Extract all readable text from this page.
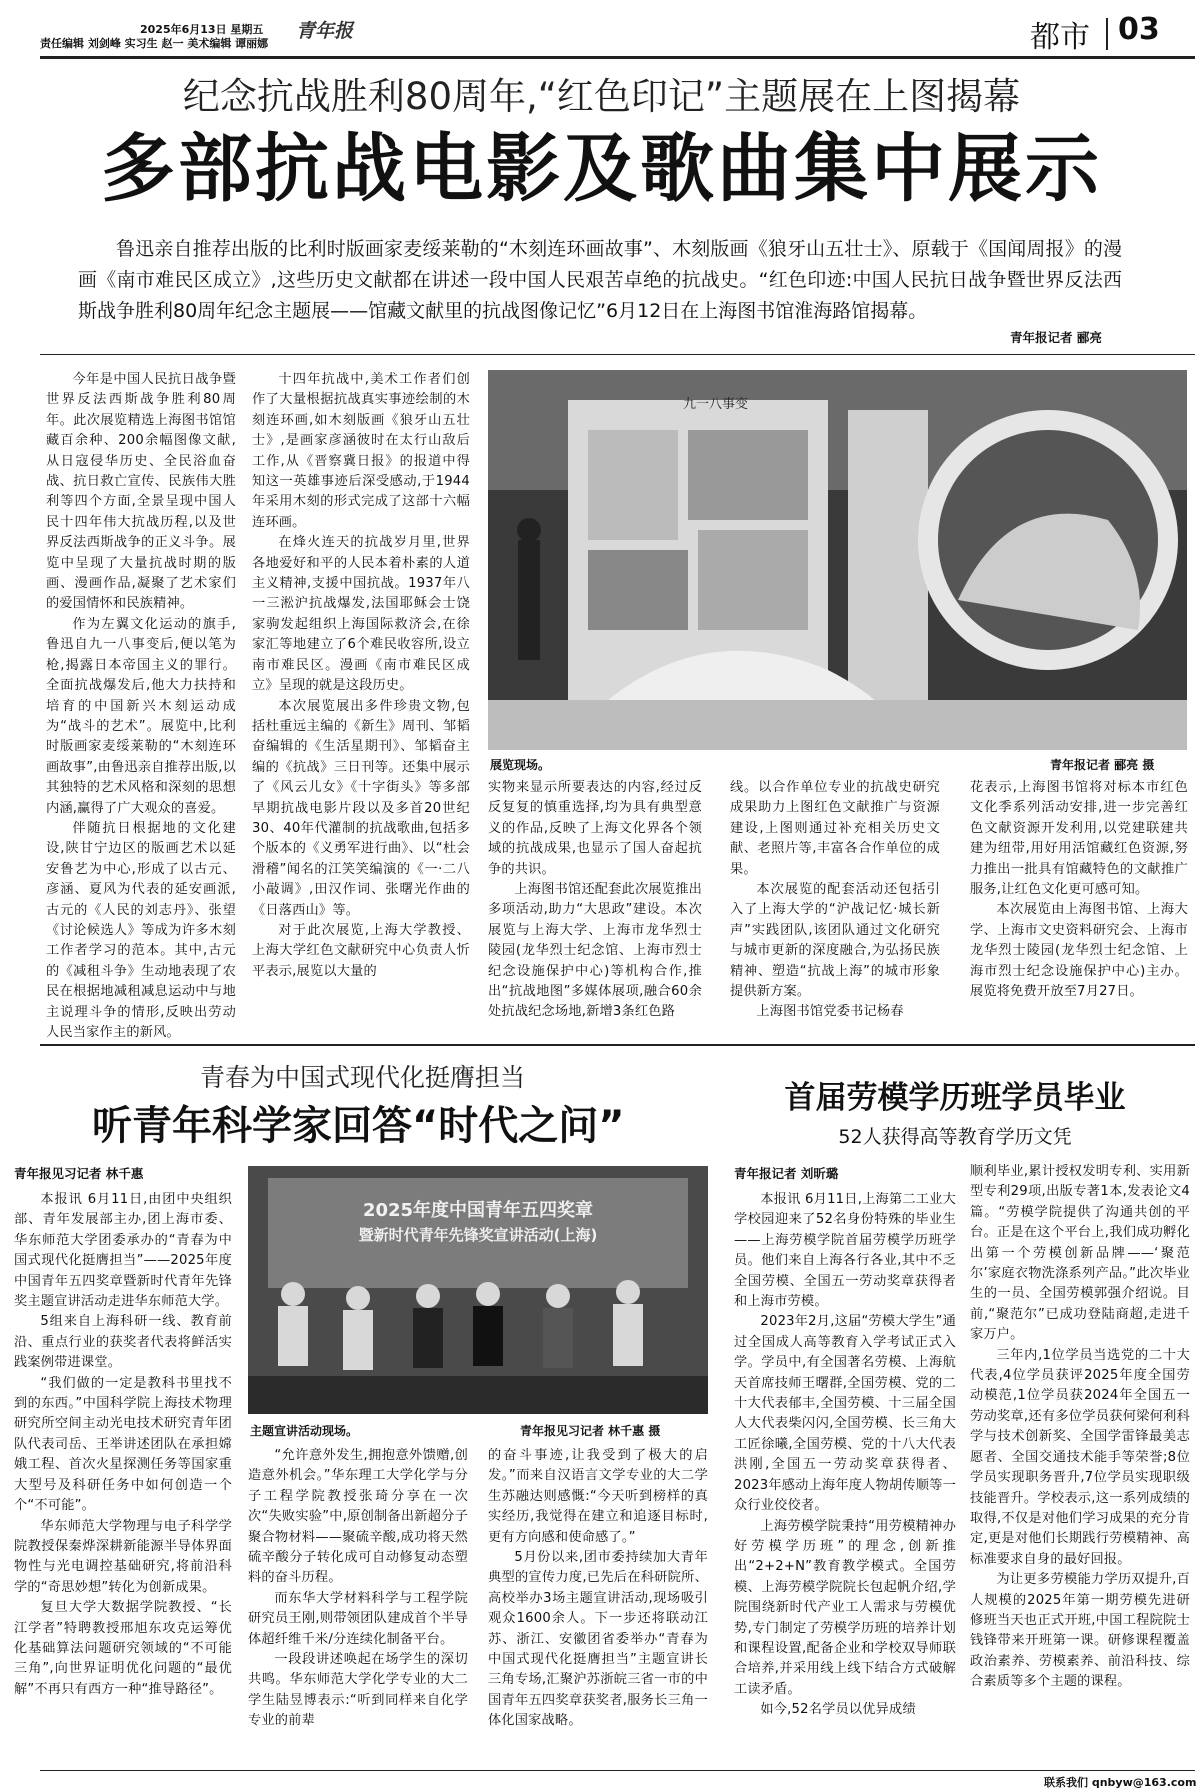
2025年6月13日 星期五
责任编辑 刘剑峰 实习生 赵一 美术编辑 谭丽娜
青年报	都市 03
纪念抗战胜利80周年,“红色印记”主题展在上图揭幕
多部抗战电影及歌曲集中展示
鲁迅亲自推荐出版的比利时版画家麦绥莱勒的“木刻连环画故事”、木刻版画《狼牙山五壮士》、原载于《国闻周报》的漫画《南市难民区成立》,这些历史文献都在讲述一段中国人民艰苦卓绝的抗战史。“红色印迹:中国人民抗日战争暨世界反法西斯战争胜利80周年纪念主题展——馆藏文献里的抗战图像记忆”6月12日在上海图书馆淮海路馆揭幕。
青年报记者 郦亮

今年是中国人民抗日战争暨世界反法西斯战争胜利80周年。此次展览精选上海图书馆馆藏百余种、200余幅图像文献,从日寇侵华历史、全民浴血奋战、抗日救亡宣传、民族伟大胜利等四个方面,全景呈现中国人民十四年伟大抗战历程,以及世界反法西斯战争的正义斗争。展览中呈现了大量抗战时期的版画、漫画作品,凝聚了艺术家们的爱国情怀和民族精神。

作为左翼文化运动的旗手,鲁迅自九一八事变后,便以笔为枪,揭露日本帝国主义的罪行。全面抗战爆发后,他大力扶持和培育的中国新兴木刻运动成为“战斗的艺术”。展览中,比利时版画家麦绥莱勒的“木刻连环画故事”,由鲁迅亲自推荐出版,以其独特的艺术风格和深刻的思想内涵,赢得了广大观众的喜爱。

伴随抗日根据地的文化建设,陕甘宁边区的版画艺术以延安鲁艺为中心,形成了以古元、彦涵、夏风为代表的延安画派,古元的《人民的刘志丹》、张望《讨论候选人》等成为许多木刻工作者学习的范本。其中,古元的《减租斗争》生动地表现了农民在根据地减租减息运动中与地主说理斗争的情形,反映出劳动人民当家作主的新风。

十四年抗战中,美术工作者们创作了大量根据抗战真实事迹绘制的木刻连环画,如木刻版画《狼牙山五壮士》,是画家彦涵彼时在太行山敌后工作,从《晋察冀日报》的报道中得知这一英雄事迹后深受感动,于1944年采用木刻的形式完成了这部十六幅连环画。

在烽火连天的抗战岁月里,世界各地爱好和平的人民本着朴素的人道主义精神,支援中国抗战。1937年八一三淞沪抗战爆发,法国耶稣会士饶家驹发起组织上海国际救济会,在徐家汇等地建立了6个难民收容所,设立南市难民区。漫画《南市难民区成立》呈现的就是这段历史。

本次展览展出多件珍贵文物,包括杜重远主编的《新生》周刊、邹韬奋编辑的《生活星期刊》、邹韬奋主编的《抗战》三日刊等。还集中展示了《风云儿女》《十字街头》等多部早期抗战电影片段以及多首20世纪30、40年代灌制的抗战歌曲,包括多个版本的《义勇军进行曲》、以“杜会滑稽”闻名的江笑笑编演的《一·二八小敲调》,田汉作词、张曙光作曲的《日落西山》等。

对于此次展览,上海大学教授、上海大学红色文献研究中心负责人忻平表示,展览以大量的

九一八事变
展览现场。	青年报记者 郦亮 摄

实物来显示所要表达的内容,经过反反复复的慎重选择,均为具有典型意义的作品,反映了上海文化界各个领域的抗战成果,也显示了国人奋起抗争的共识。

上海图书馆还配套此次展览推出多项活动,助力“大思政”建设。本次展览与上海大学、上海市龙华烈士陵园(龙华烈士纪念馆、上海市烈士纪念设施保护中心)等机构合作,推出“抗战地图”多媒体展项,融合60余处抗战纪念场地,新增3条红色路

线。以合作单位专业的抗战史研究成果助力上图红色文献推广与资源建设,上图则通过补充相关历史文献、老照片等,丰富各合作单位的成果。

本次展览的配套活动还包括引入了上海大学的“沪战记忆·城长新声”实践团队,该团队通过文化研究与城市更新的深度融合,为弘扬民族精神、塑造“抗战上海”的城市形象提供新方案。

上海图书馆党委书记杨春

花表示,上海图书馆将对标本市红色文化季系列活动安排,进一步完善红色文献资源开发利用,以党建联建共建为纽带,用好用活馆藏红色资源,努力推出一批具有馆藏特色的文献推广服务,让红色文化更可感可知。

本次展览由上海图书馆、上海大学、上海市文史资料研究会、上海市龙华烈士陵园(龙华烈士纪念馆、上海市烈士纪念设施保护中心)主办。展览将免费开放至7月27日。

青春为中国式现代化挺膺担当
听青年科学家回答“时代之问”
青年报见习记者 林千惠

本报讯 6月11日,由团中央组织部、青年发展部主办,团上海市委、华东师范大学团委承办的“青春为中国式现代化挺膺担当”——2025年度中国青年五四奖章暨新时代青年先锋奖主题宣讲活动走进华东师范大学。

5组来自上海科研一线、教育前沿、重点行业的获奖者代表将鲜活实践案例带进课堂。

“我们做的一定是教科书里找不到的东西。”中国科学院上海技术物理研究所空间主动光电技术研究青年团队代表司岳、王举讲述团队在承担嫦娥工程、首次火星探测任务等国家重大型号及科研任务中如何创造一个个“不可能”。

华东师范大学物理与电子科学学院教授保秦烨深耕新能源半导体界面物性与光电调控基础研究,将前沿科学的“奇思妙想”转化为创新成果。

复旦大学大数据学院教授、“长江学者”特聘教授邢旭东攻克运筹优化基础算法问题研究领域的“不可能三角”,向世界证明优化问题的“最优解”不再只有西方一种“推导路径”。

2025年度中国青年五四奖章
暨新时代青年先锋奖宣讲活动(上海)
主题宣讲活动现场。	青年报见习记者 林千惠 摄

“允许意外发生,拥抱意外馈赠,创造意外机会。”华东理工大学化学与分子工程学院教授张琦分享在一次次“失败实验”中,原创制备出新超分子聚合物材料——聚硫辛酸,成功将天然硫辛酸分子转化成可自动修复动态塑料的奋斗历程。

而东华大学材料科学与工程学院研究员王刚,则带领团队建成首个半导体超纤维千米/分连续化制备平台。

一段段讲述唤起在场学生的深切共鸣。华东师范大学化学专业的大二学生陆昱博表示:“听到同样来自化学专业的前辈

的奋斗事迹,让我受到了极大的启发。”而来自汉语言文学专业的大二学生苏融达则感慨:“今天听到榜样的真实经历,我觉得在建立和追逐目标时,更有方向感和使命感了。”

5月份以来,团市委持续加大青年典型的宣传力度,已先后在科研院所、高校举办3场主题宣讲活动,现场吸引观众1600余人。下一步还将联动江苏、浙江、安徽团省委举办“青春为中国式现代化挺膺担当”主题宣讲长三角专场,汇聚沪苏浙皖三省一市的中国青年五四奖章获奖者,服务长三角一体化国家战略。

首届劳模学历班学员毕业
52人获得高等教育学历文凭
青年报记者 刘昕璐

本报讯 6月11日,上海第二工业大学校园迎来了52名身份特殊的毕业生——上海劳模学院首届劳模学历班学员。他们来自上海各行各业,其中不乏全国劳模、全国五一劳动奖章获得者和上海市劳模。

2023年2月,这届“劳模大学生”通过全国成人高等教育入学考试正式入学。学员中,有全国著名劳模、上海航天首席技师王曙群,全国劳模、党的二十大代表郁丰,全国劳模、十三届全国人大代表柴闪闪,全国劳模、长三角大工匠徐曦,全国劳模、党的十八大代表洪刚,全国五一劳动奖章获得者、2023年感动上海年度人物胡传顺等一众行业佼佼者。

上海劳模学院秉持“用劳模精神办好劳模学历班”的理念,创新推出“2+2+N”教育教学模式。全国劳模、上海劳模学院院长包起帆介绍,学院围绕新时代产业工人需求与劳模优势,专门制定了劳模学历班的培养计划和课程设置,配备企业和学校双导师联合培养,并采用线上线下结合方式破解工读矛盾。

如今,52名学员以优异成绩

顺利毕业,累计授权发明专利、实用新型专利29项,出版专著1本,发表论文4篇。“劳模学院提供了沟通共创的平台。正是在这个平台上,我们成功孵化出第一个劳模创新品牌——‘聚范尔’家庭衣物洗涤系列产品。”此次毕业生的一员、全国劳模郭强介绍说。目前,“聚范尔”已成功登陆商超,走进千家万户。

三年内,1位学员当选党的二十大代表,4位学员获评2025年度全国劳动模范,1位学员获2024年全国五一劳动奖章,还有多位学员获何梁何利科学与技术创新奖、全国学雷锋最美志愿者、全国交通技术能手等荣誉;8位学员实现职务晋升,7位学员实现职级技能晋升。学校表示,这一系列成绩的取得,不仅是对他们学习成果的充分肯定,更是对他们长期践行劳模精神、高标准要求自身的最好回报。

为让更多劳模能力学历双提升,百人规模的2025年第一期劳模先进研修班当天也正式开班,中国工程院院士钱锋带来开班第一课。研修课程覆盖政治素养、劳模素养、前沿科技、综合素质等多个主题的课程。

联系我们 qnbyw@163.com
